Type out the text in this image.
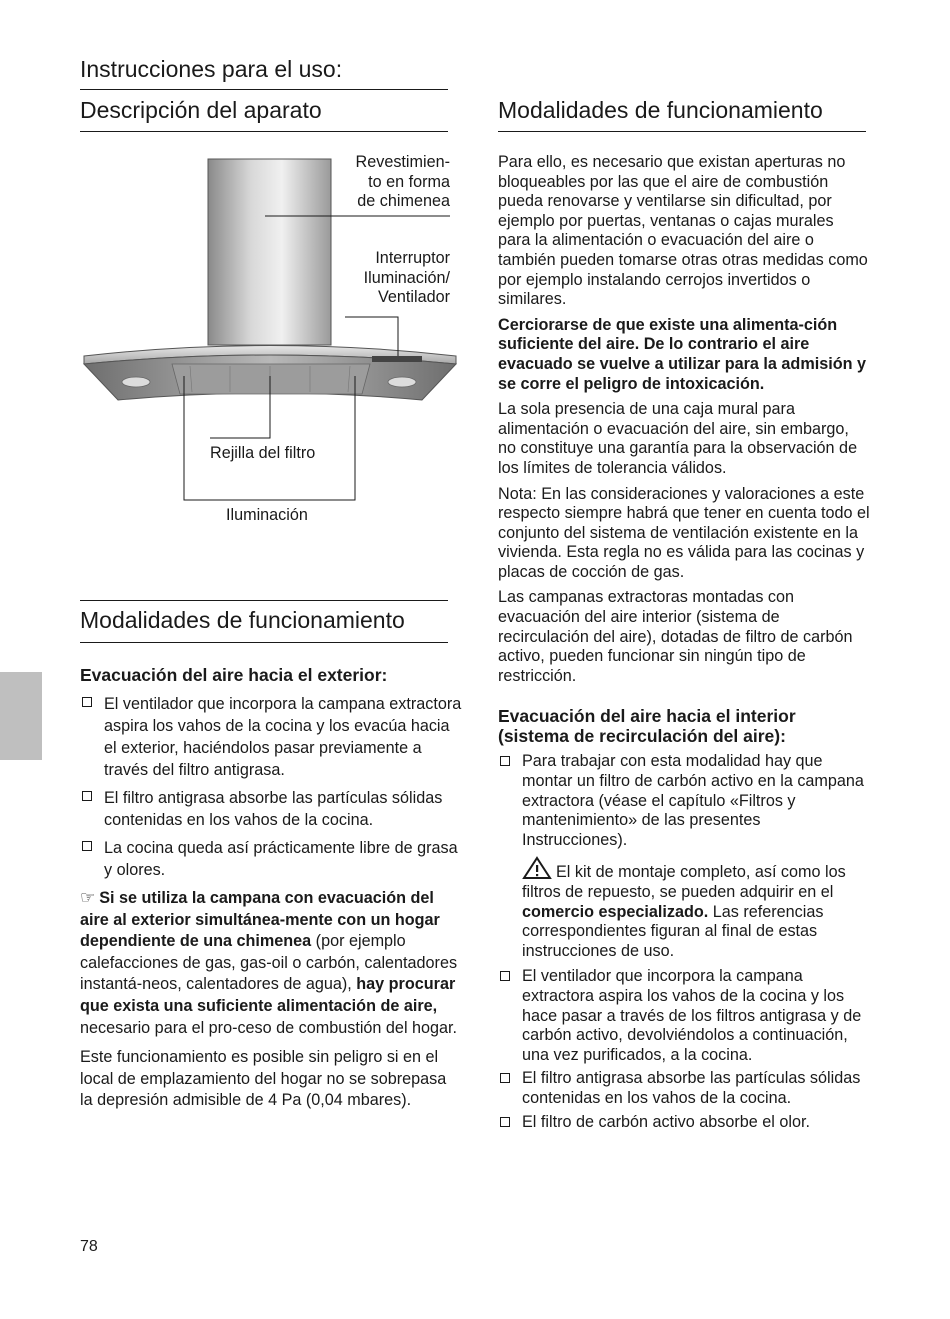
Instrucciones para el uso:
Descripción del aparato
Revestimien-
to en forma
de chimenea
Interruptor
Iluminación/
Ventilador
Rejilla del filtro
Iluminación
Modalidades de funcionamiento

Evacuación del aire hacia el exterior:

El ventilador que incorpora la campana extractora aspira los vahos de la cocina y los evacúa hacia el exterior, haciéndolos pasar previamente a través del filtro antigrasa.
El filtro antigrasa absorbe las partículas sólidas contenidas en los vahos de la cocina.
La cocina queda así prácticamente libre de grasa y olores.

☞ Si se utiliza la campana con evacuación del aire al exterior simultánea-mente con un hogar dependiente de una chimenea (por ejemplo calefacciones de gas, gas-oil o carbón, calentadores instantá-neos, calentadores de agua), hay procurar que exista una suficiente alimentación de aire, necesario para el pro-ceso de combustión del hogar.

Este funcionamiento es posible sin peligro si en el local de emplazamiento del hogar no se sobrepasa la depresión admisible de 4 Pa (0,04 mbares).

78
Modalidades de funcionamiento

Para ello, es necesario que existan aperturas no bloqueables por las que el aire de combustión pueda renovarse y ventilarse sin dificultad, por ejemplo por puertas, ventanas o cajas murales para la alimentación o evacuación del aire o también pueden tomarse otras otras medidas como por ejemplo instalando cerrojos invertidos o similares.

Cerciorarse de que existe una alimenta-ción suficiente del aire. De lo contrario el aire evacuado se vuelve a utilizar para la admisión y se corre el peligro de intoxicación.

La sola presencia de una caja mural para alimentación o evacuación del aire, sin embargo, no constituye una garantía para la observación de los límites de tolerancia válidos.

Nota: En las consideraciones y valoraciones a este respecto siempre habrá que tener en cuenta todo el conjunto del sistema de ventilación existente en la vivienda. Esta regla no es válida para las cocinas y placas de cocción de gas.

Las campanas extractoras montadas con evacuación del aire interior (sistema de recirculación del aire), dotadas de filtro de carbón activo, pueden funcionar sin ningún tipo de restricción.

Evacuación del aire hacia el interior (sistema de recirculación del aire):

Para trabajar con esta modalidad hay que montar un filtro de carbón activo en la campana extractora (véase el capítulo «Filtros y mantenimiento» de las presentes Instrucciones).
El kit de montaje completo, así como los filtros de repuesto, se pueden adquirir en el comercio especializado. Las referencias correspondientes figuran al final de estas instrucciones de uso.
El ventilador que incorpora la campana extractora aspira los vahos de la cocina y los hace pasar a través de los filtros antigrasa y de carbón activo, devolviéndolos a continuación, una vez purificados, a la cocina.
El filtro antigrasa absorbe las partículas sólidas contenidas en los vahos de la cocina.
El filtro de carbón activo absorbe el olor.
